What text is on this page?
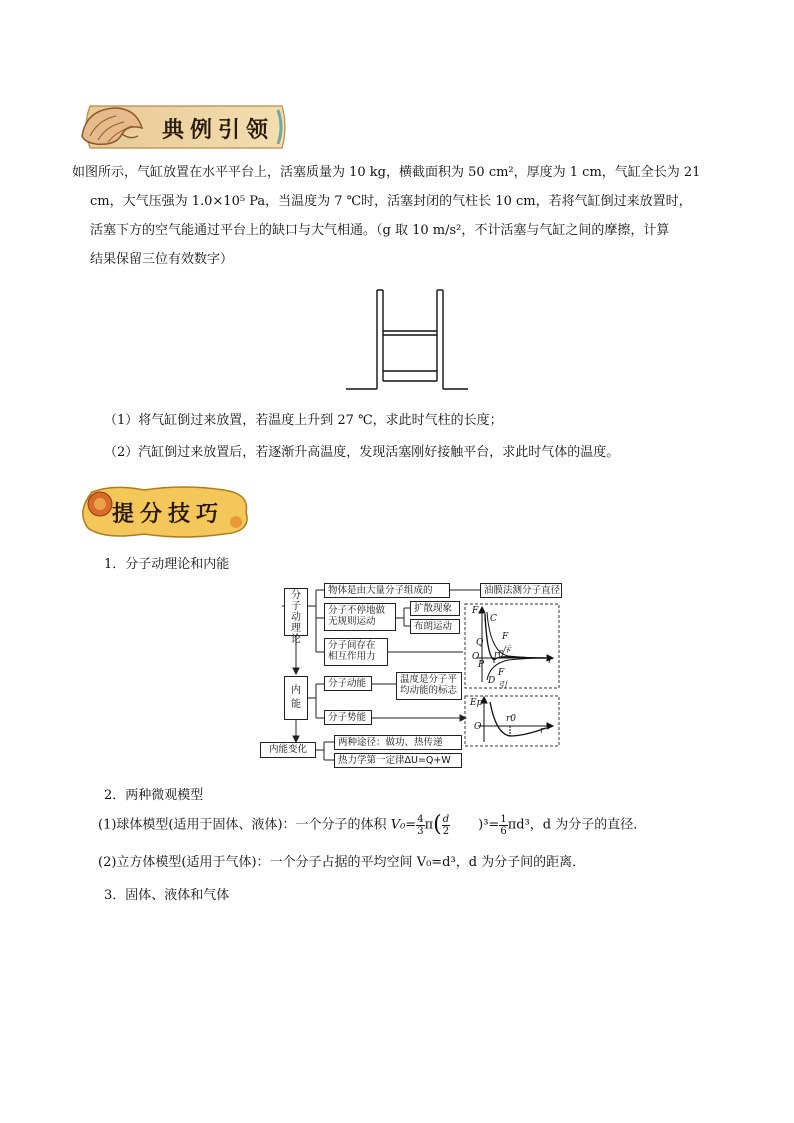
典例引领
如图所示，气缸放置在水平平台上，活塞质量为 10 kg，横截面积为 50 cm²，厚度为 1 cm，气缸全长为 21
cm，大气压强为 1.0×10⁵ Pa，当温度为 7 ℃时，活塞封闭的气柱长 10 cm，若将气缸倒过来放置时，
活塞下方的空气能通过平台上的缺口与大气相通。（g 取 10 m/s²，不计活塞与气缸之间的摩擦，计算
结果保留三位有效数字）
（1）将气缸倒过来放置，若温度上升到 27 ℃，求此时气柱的长度；
（2）汽缸倒过来放置后，若逐渐升高温度，发现活塞刚好接触平台，求此时气体的温度。
提分技巧
1．分子动理论和内能
分子动理论
内能
内能变化
物体是由大量分子组成的	油膜法测分子直径
分子不停地做
无规则运动
扩散现象
布朗运动
分子间存在
相互作用力
分子动能	温度是分子平
均动能的标志
分子势能
两种途径：做功、热传递
热力学第一定律ΔU=Q+W
F
C
F斥
Q
O
P
r0
r
F引
D
Ep
O
r0
r
2．两种微观模型
(1)球体模型(适用于固体、液体)：一个分子的体积 $V_0= \frac{4}{3} \pi( \frac{d}{2} )^3= \frac{1}{6} \pi d^3$，d 为分子的直径．
(2)立方体模型(适用于气体)：一个分子占据的平均空间 V₀=d³，d 为分子间的距离．
3．固体、液体和气体
